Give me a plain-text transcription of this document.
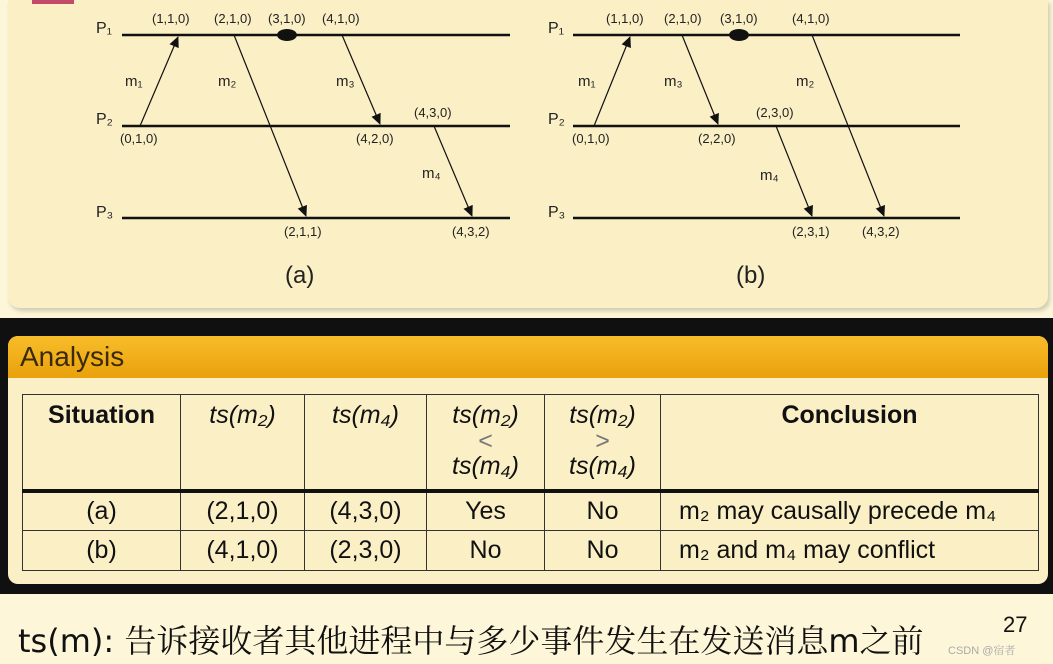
P₁
P₂
P₃
m₁	m₂	m₃
m₄
(1,1,0) (2,1,0) (3,1,0) (4,1,0)
(0,1,0)	(4,2,0)
(4,3,0)
(2,1,1)	(4,3,2)
(a)
P₁
P₂
P₃
m₁	m₃	m₂
m₄
(1,1,0) (2,1,0) (3,1,0)	(4,1,0)
(0,1,0)	(2,2,0)
(2,3,0)
(2,3,1) (4,3,2)
(b)
Analysis
Situation	ts(m₂)	ts(m₄)	ts(m₂)
<
ts(m₄)	ts(m₂)
>
ts(m₄)	Conclusion
(a)	(2,1,0)	(4,3,0)	Yes	No	m₂ may causally precede m₄
(b)	(4,1,0)	(2,3,0)	No	No	m₂ and m₄ may conflict
ts(m): 告诉接收者其他进程中与多少事件发生在发送消息m之前	27
CSDN @宿者
